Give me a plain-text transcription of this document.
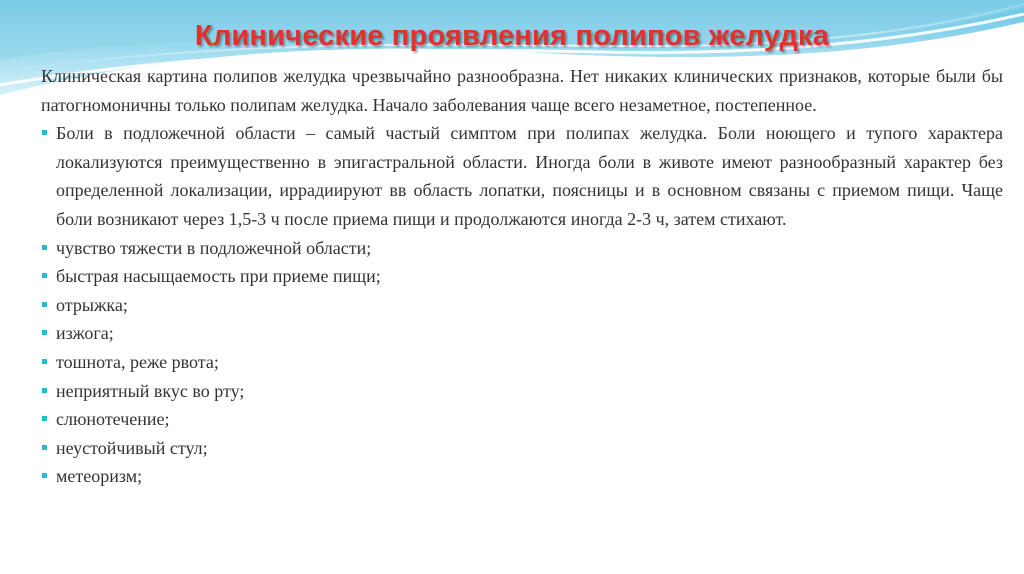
Клинические проявления полипов желудка

Клиническая картина полипов желудка чрезвычайно разнообразна. Нет никаких клинических признаков, которые были бы патогномоничны только полипам желудка. Начало заболевания чаще всего незаметное, постепенное.

Боли в подложечной области – самый частый симптом при полипах желудка. Боли ноющего и тупого характера локализуются преимущественно в эпигастральной области. Иногда боли в животе имеют разнообразный характер без определенной локализации, иррадиируют вв область лопатки, поясницы и в основном связаны с приемом пищи. Чаще боли возникают через 1,5-3 ч после приема пищи и продолжаются иногда 2-3 ч, затем стихают.
чувство тяжести в подложечной области;
быстрая насыщаемость при приеме пищи;
отрыжка;
изжога;
тошнота, реже рвота;
неприятный вкус во рту;
слюнотечение;
неустойчивый стул;
метеоризм;
